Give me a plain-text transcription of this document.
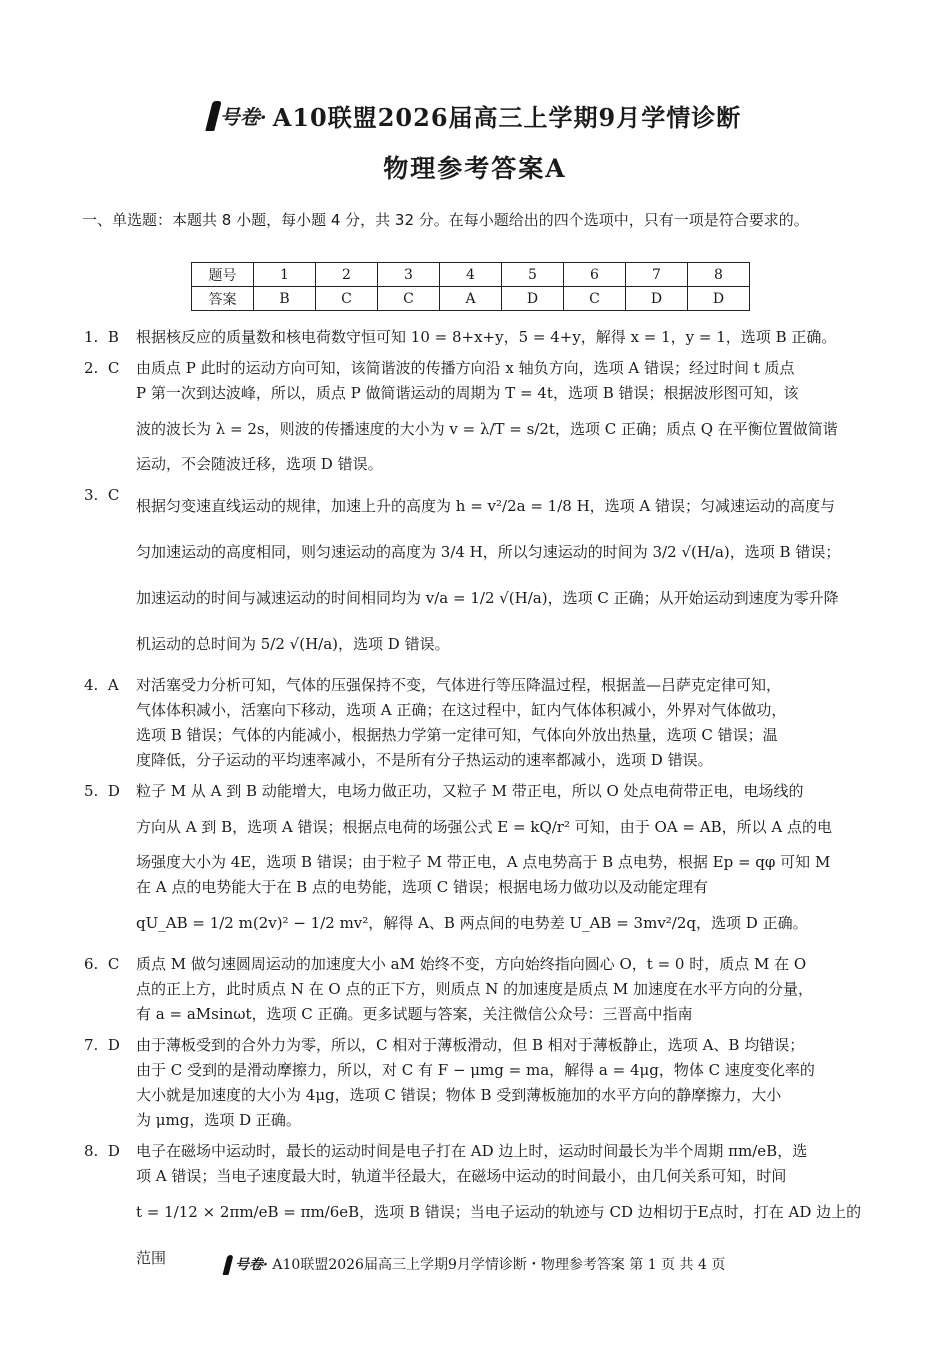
号卷· A10联盟2026届高三上学期9月学情诊断
物理参考答案A
一、单选题：本题共 8 小题，每小题 4 分，共 32 分。在每小题给出的四个选项中，只有一项是符合要求的。
题号	1	2	3	4	5	6	7	8
答案	B	C	C	A	D	C	D	D
1.  B	根据核反应的质量数和核电荷数守恒可知 10 = 8+x+y，5 = 4+y，解得 x = 1，y = 1，选项 B 正确。
2.  C	由质点 P 此时的运动方向可知，该简谐波的传播方向沿 x 轴负方向，选项 A 错误；经过时间 t 质点
P 第一次到达波峰，所以，质点 P 做简谐运动的周期为 T = 4t，选项 B 错误；根据波形图可知，该
波的波长为 λ = 2s，则波的传播速度的大小为 v = λ/T = s/2t，选项 C 正确；质点 Q 在平衡位置做简谐
运动，不会随波迁移，选项 D 错误。
3.  C
根据匀变速直线运动的规律，加速上升的高度为 h = v²/2a = 1/8 H，选项 A 错误；匀减速运动的高度与
匀加速运动的高度相同，则匀速运动的高度为 3/4 H，所以匀速运动的时间为 3/2 √(H/a)，选项 B 错误；
加速运动的时间与减速运动的时间相同均为 v/a = 1/2 √(H/a)，选项 C 正确；从开始运动到速度为零升降
机运动的总时间为 5/2 √(H/a)，选项 D 错误。
4.  A	对活塞受力分析可知，气体的压强保持不变，气体进行等压降温过程，根据盖—吕萨克定律可知，
气体体积减小，活塞向下移动，选项 A 正确；在这过程中，缸内气体体积减小，外界对气体做功，
选项 B 错误；气体的内能减小，根据热力学第一定律可知，气体向外放出热量，选项 C 错误；温
度降低，分子运动的平均速率减小，不是所有分子热运动的速率都减小，选项 D 错误。
5.  D	粒子 M 从 A 到 B 动能增大，电场力做正功，又粒子 M 带正电，所以 O 处点电荷带正电，电场线的
方向从 A 到 B，选项 A 错误；根据点电荷的场强公式 E = kQ/r² 可知，由于 OA = AB，所以 A 点的电
场强度大小为 4E，选项 B 错误；由于粒子 M 带正电，A 点电势高于 B 点电势，根据 Ep = qφ 可知 M
在 A 点的电势能大于在 B 点的电势能，选项 C 错误；根据电场力做功以及动能定理有
qU_AB = 1/2 m(2v)² − 1/2 mv²，解得 A、B 两点间的电势差 U_AB = 3mv²/2q，选项 D 正确。
6.  C	质点 M 做匀速圆周运动的加速度大小 aM 始终不变，方向始终指向圆心 O，t = 0 时，质点 M 在 O
点的正上方，此时质点 N 在 O 点的正下方，则质点 N 的加速度是质点 M 加速度在水平方向的分量，
有 a = aMsinωt，选项 C 正确。更多试题与答案，关注微信公众号：三晋高中指南
7.  D	由于薄板受到的合外力为零，所以，C 相对于薄板滑动，但 B 相对于薄板静止，选项 A、B 均错误；
由于 C 受到的是滑动摩擦力，所以，对 C 有 F − μmg = ma，解得 a = 4μg，物体 C 速度变化率的
大小就是加速度的大小为 4μg，选项 C 错误；物体 B 受到薄板施加的水平方向的静摩擦力，大小
为 μmg，选项 D 正确。
8.  D	电子在磁场中运动时，最长的运动时间是电子打在 AD 边上时，运动时间最长为半个周期 πm/eB，选
项 A 错误；当电子速度最大时，轨道半径最大，在磁场中运动的时间最小，由几何关系可知，时间
t = 1/12 × 2πm/eB = πm/6eB，选项 B 错误；当电子运动的轨迹与 CD 边相切于E点时，打在 AD 边上的范围	号卷· A10联盟2026届高三上学期9月学情诊断・物理参考答案 第 1 页 共 4 页
